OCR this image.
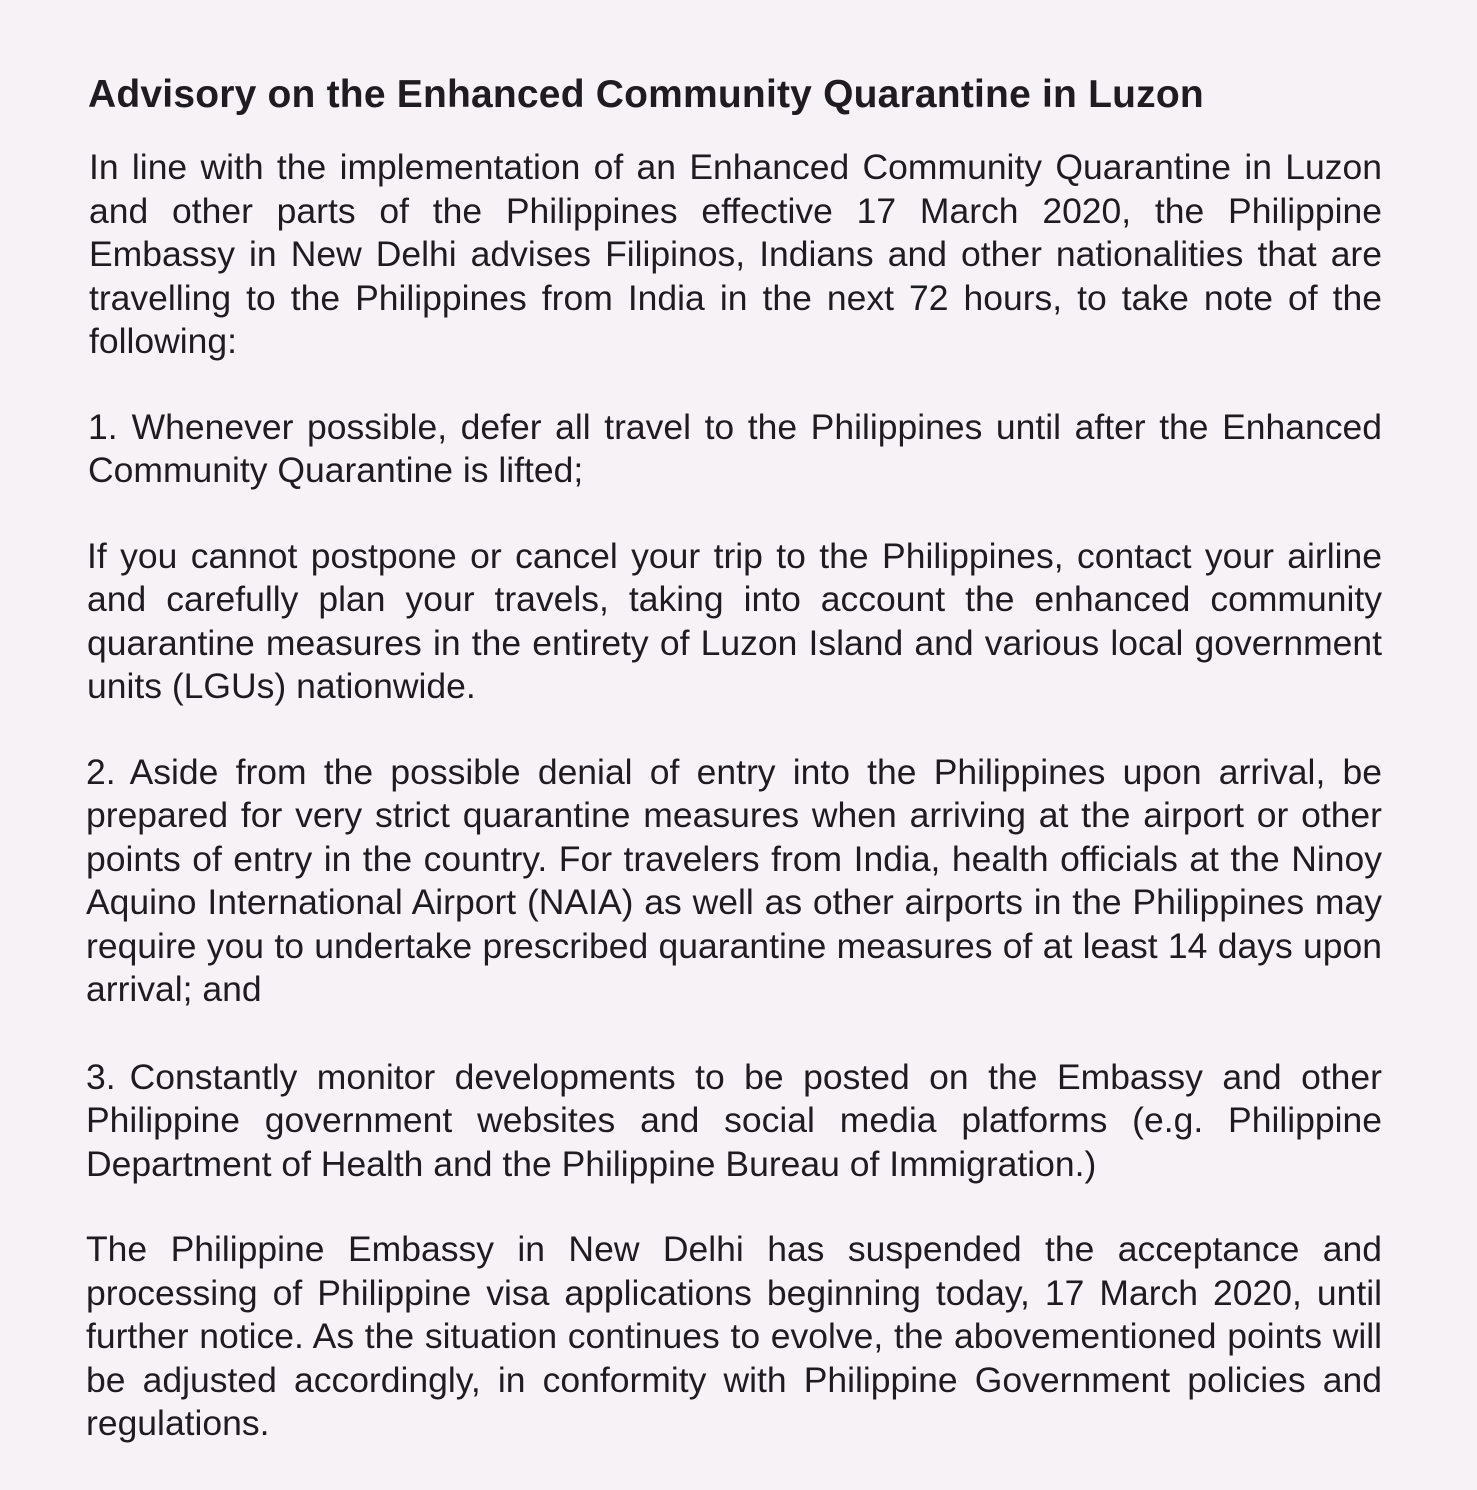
Advisory on the Enhanced Community Quarantine in Luzon

In line with the implementation of an Enhanced Community Quarantine in Luzon and other parts of the Philippines effective 17 March 2020, the Philippine Embassy in New Delhi advises Filipinos, Indians and other nationalities that are travelling to the Philippines from India in the next 72 hours, to take note of the following:

1. Whenever possible, defer all travel to the Philippines until after the Enhanced Community Quarantine is lifted;

If you cannot postpone or cancel your trip to the Philippines, contact your airline and carefully plan your travels, taking into account the enhanced community quarantine measures in the entirety of Luzon Island and various local government units (LGUs) nationwide.

2. Aside from the possible denial of entry into the Philippines upon arrival, be prepared for very strict quarantine measures when arriving at the airport or other points of entry in the country. For travelers from India, health officials at the Ninoy Aquino International Airport (NAIA) as well as other airports in the Philippines may require you to undertake prescribed quarantine measures of at least 14 days upon arrival; and

3. Constantly monitor developments to be posted on the Embassy and other Philippine government websites and social media platforms (e.g. Philippine Department of Health and the Philippine Bureau of Immigration.)

The Philippine Embassy in New Delhi has suspended the acceptance and processing of Philippine visa applications beginning today, 17 March 2020, until further notice. As the situation continues to evolve, the abovementioned points will be adjusted accordingly, in conformity with Philippine Government policies and regulations.
